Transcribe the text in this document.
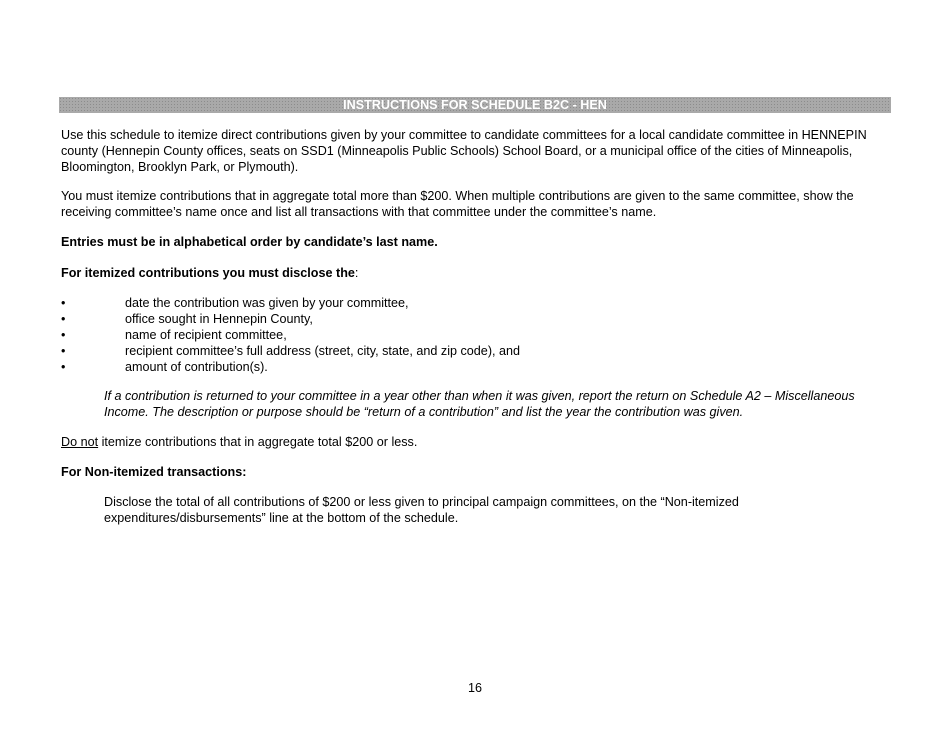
INSTRUCTIONS FOR SCHEDULE B2C - HEN

Use this schedule to itemize direct contributions given by your committee to candidate committees for a local candidate committee in HENNEPIN county (Hennepin County offices, seats on SSD1 (Minneapolis Public Schools) School Board, or a municipal office of the cities of Minneapolis, Bloomington, Brooklyn Park, or Plymouth).

You must itemize contributions that in aggregate total more than $200. When multiple contributions are given to the same committee, show the receiving committee’s name once and list all transactions with that committee under the committee’s name.

Entries must be in alphabetical order by candidate’s last name.

For itemized contributions you must disclose the:

•	date the contribution was given by your committee,
•	office sought in Hennepin County,
•	name of recipient committee,
•	recipient committee’s full address (street, city, state, and zip code), and
•	amount of contribution(s).

If a contribution is returned to your committee in a year other than when it was given, report the return on Schedule A2 – Miscellaneous Income. The description or purpose should be “return of a contribution” and list the year the contribution was given.

Do not itemize contributions that in aggregate total $200 or less.

For Non-itemized transactions:

Disclose the total of all contributions of $200 or less given to principal campaign committees, on the “Non-itemized expenditures/disbursements” line at the bottom of the schedule.

16
